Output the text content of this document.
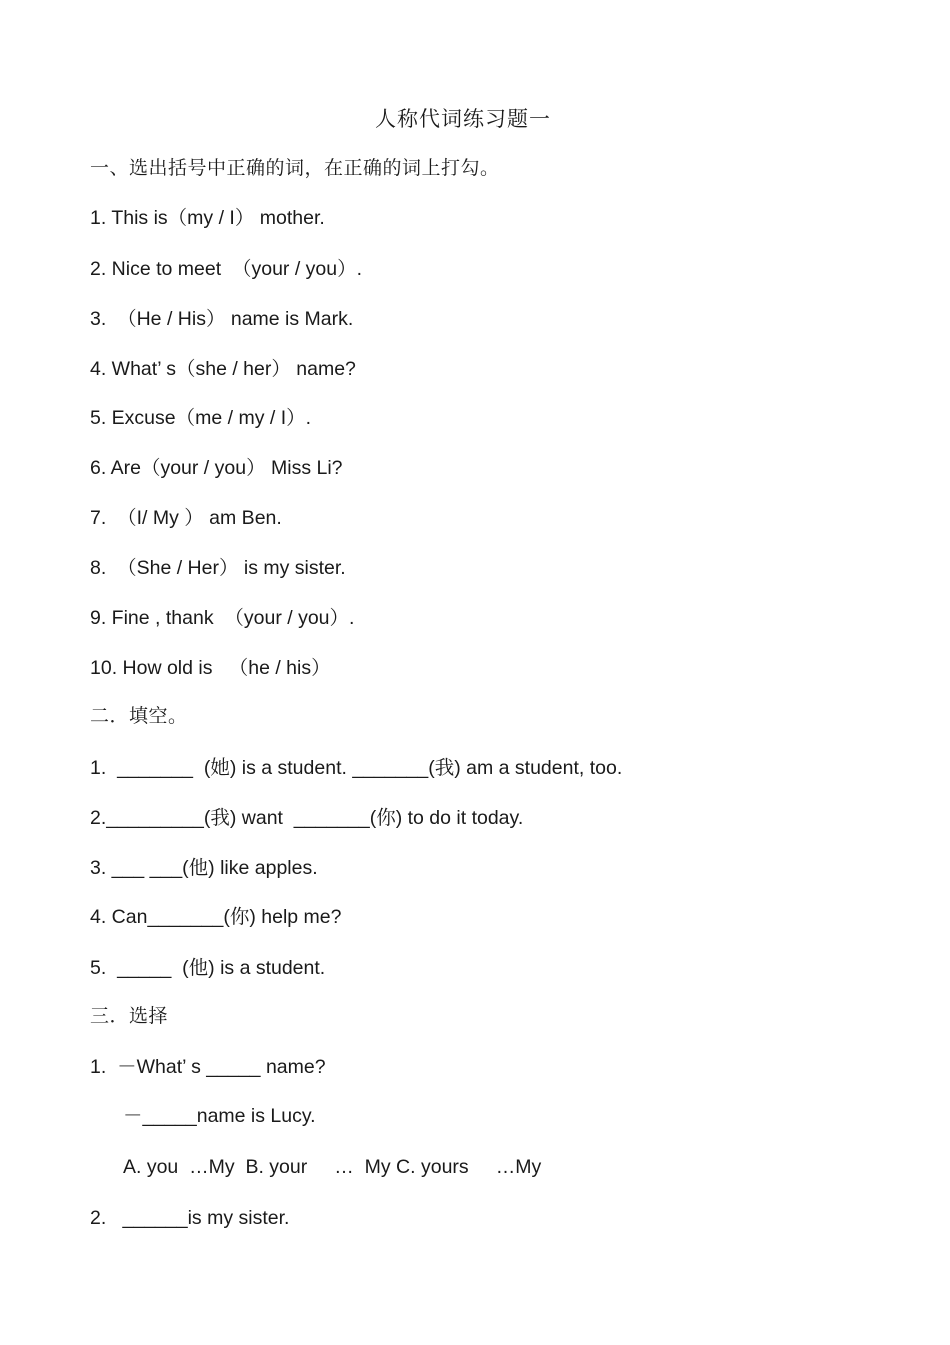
人称代词练习题一
一、选出括号中正确的词，在正确的词上打勾。
1. This is（my / I） mother.
2. Nice to meet  （your / you）.
3.  （He / His） name is Mark.
4. What’ s（she / her） name?
5. Excuse（me / my / I）.
6. Are（your / you） Miss Li?
7.  （I/ My ） am Ben.
8.  （She / Her） is my sister.
9. Fine , thank  （your / you）.
10. How old is   （he / his）
二．填空。
1.  _______  (她) is a student. _______(我) am a student, too.
2._________(我) want  _______(你) to do it today.
3. ___ ___(他) like apples.
4. Can_______(你) help me?
5.  _____  (他) is a student.
三．选择
1.  －What’ s _____ name?
－_____name is Lucy.
A. you  …My  B. your     …  My C. yours     …My
2.   ______is my sister.
